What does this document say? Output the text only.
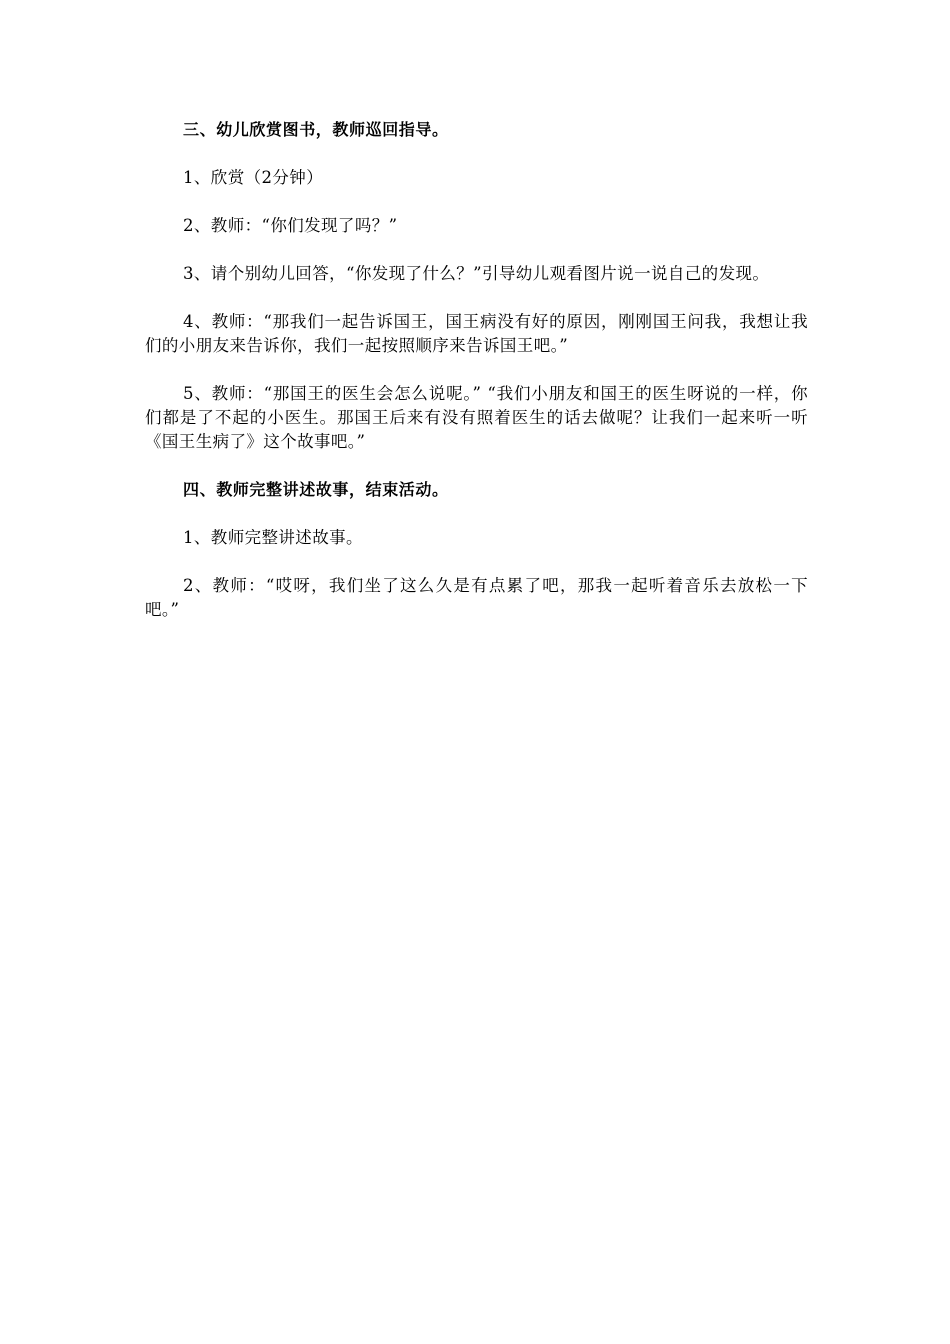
三、幼儿欣赏图书，教师巡回指导。

1、欣赏（2分钟）

2、教师：“你们发现了吗？”

3、请个别幼儿回答，“你发现了什么？”引导幼儿观看图片说一说自己的发现。

4、教师：“那我们一起告诉国王，国王病没有好的原因，刚刚国王问我，我想让我们的小朋友来告诉你，我们一起按照顺序来告诉国王吧。”

5、教师：“那国王的医生会怎么说呢。” “我们小朋友和国王的医生呀说的一样，你们都是了不起的小医生。那国王后来有没有照着医生的话去做呢？让我们一起来听一听《国王生病了》这个故事吧。”

四、教师完整讲述故事，结束活动。

1、教师完整讲述故事。

2、教师：“哎呀，我们坐了这么久是有点累了吧，那我一起听着音乐去放松一下吧。”
